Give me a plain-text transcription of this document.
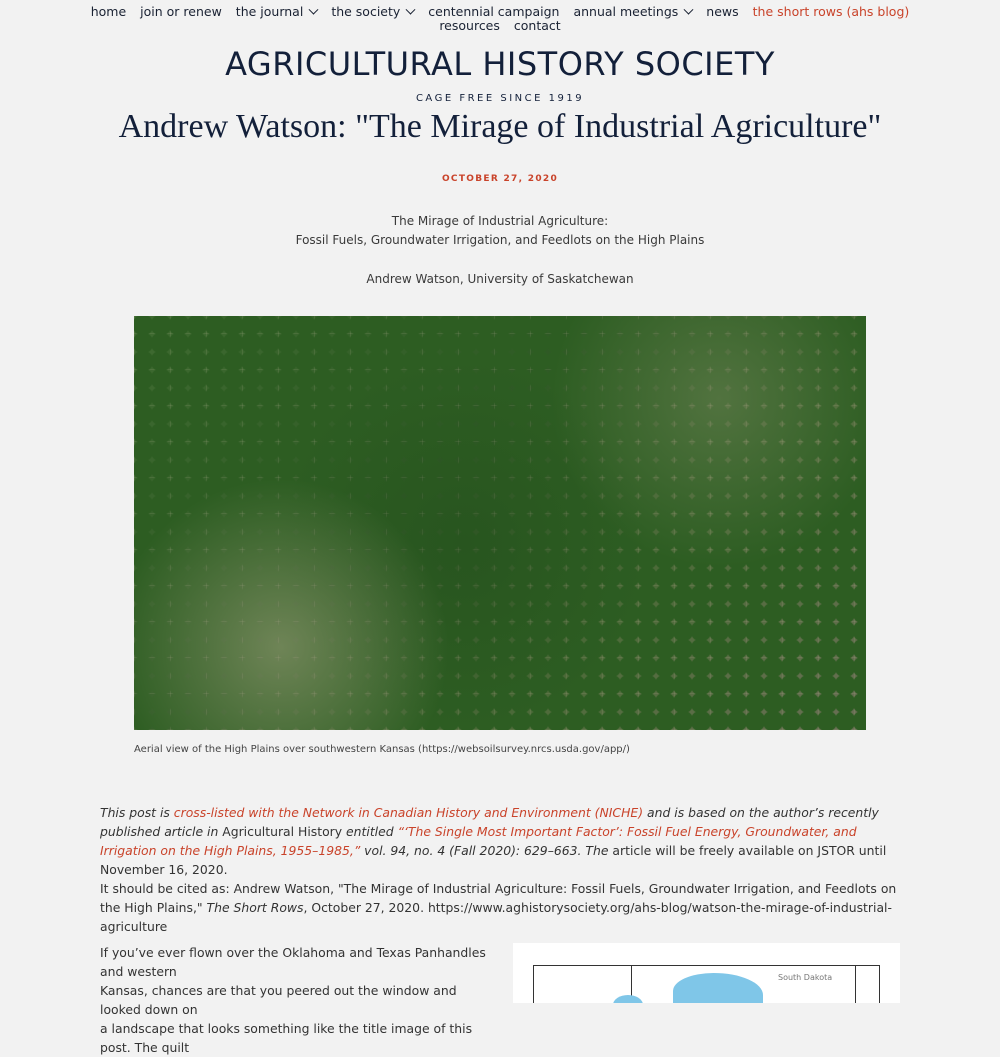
home join or renew the journal the society centennial campaign annual meetings news the short rows (ahs blog)
resources contact
AGRICULTURAL HISTORY SOCIETY
CAGE FREE SINCE 1919
Andrew Watson: "The Mirage of Industrial Agriculture"
OCTOBER 27, 2020
The Mirage of Industrial Agriculture:
Fossil Fuels, Groundwater Irrigation, and Feedlots on the High Plains
Andrew Watson, University of Saskatchewan
Aerial view of the High Plains over southwestern Kansas (https://websoilsurvey.nrcs.usda.gov/app/)
This post is cross-listed with the Network in Canadian History and Environment (NICHE) and is based on the author’s recently published article in Agricultural History entitled “‘The Single Most Important Factor’: Fossil Fuel Energy, Groundwater, and Irrigation on the High Plains, 1955–1985,” vol. 94, no. 4 (Fall 2020): 629–663. The article will be freely available on JSTOR until November 16, 2020.
It should be cited as: Andrew Watson, "The Mirage of Industrial Agriculture: Fossil Fuels, Groundwater Irrigation, and Feedlots on the High Plains," The Short Rows, October 27, 2020. https://www.aghistorysociety.org/ahs-blog/watson-the-mirage-of-industrial-agriculture
If you’ve ever flown over the Oklahoma and Texas Panhandles and western
Kansas, chances are that you peered out the window and looked down on
a landscape that looks something like the title image of this post. The quilt
South Dakota
